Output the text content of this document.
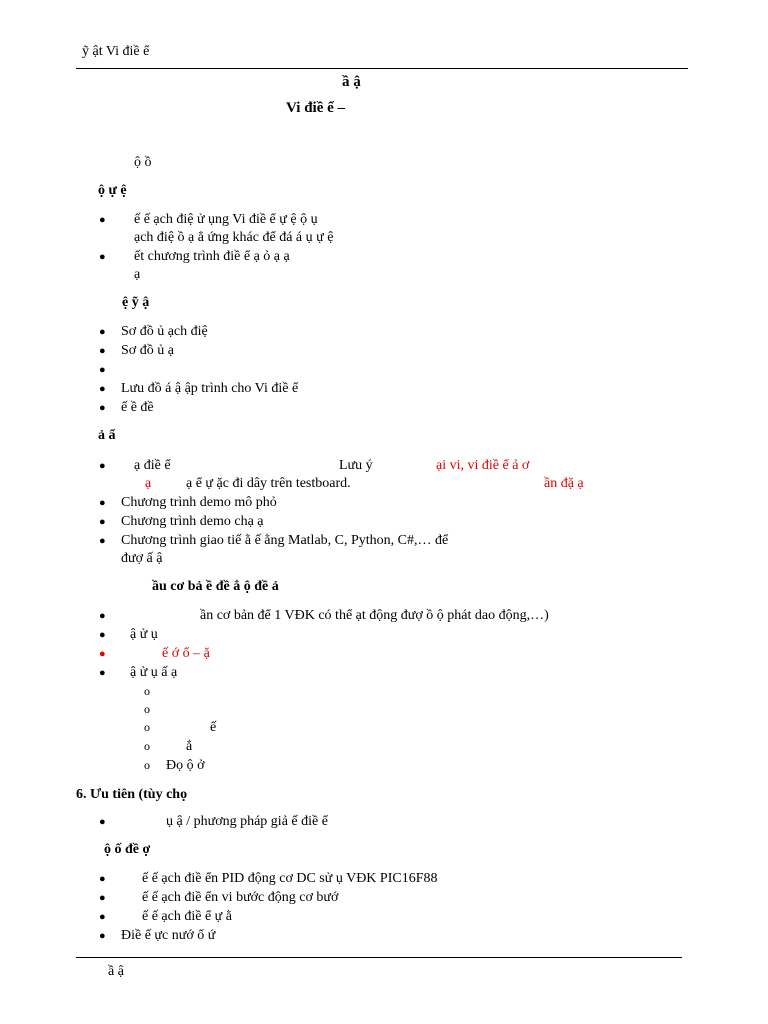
ỹ ật Vi điề ể
ầ ậ
Vi điề ể –
ộ ồ
ộ ự ệ
● ế ế ạch điệ ử ụng Vi điề ể ự ệ ộ ụ
ạch điệ ồ ạ ẳ ứng khác để đá á ụ ự ệ
● ết chương trình điề ể ạ ỏ ạ ạ
ạ
ệ ỹ ậ
● Sơ đồ ủ ạch điệ
● Sơ đồ ủ ạ
●
● Lưu đồ á ậ ập trình cho Vi điề ể
● ế ề đề
ả ẩ
● ạ điề ể	Lưu ý	ại vi, vi điề ể ả ơ
ạ ạ ể ự ặc đi dây trên testboard.	ần đặ ạ
● Chương trình demo mô phỏ
● Chương trình demo chạ ạ
● Chương trình giao tiế ằ ế ằng Matlab, C, Python, C#,… để
đượ ấ ậ
ầu cơ bả ề đề ắ ộ đề ả
●	ần cơ bản để 1 VĐK có thể ạt động đượ ồ ộ phát dao động,…)
● ậ ử ụ
●	ế ớ ổ – ặ
● ậ ử ụ ấ ạ
o
o
o	ế
o	ắ
o Đọ ộ ở
6. Ưu tiên (tùy chọ
●	ụ ậ / phương pháp giả ế điề ể
ộ ố đề ợ
●	ế ế ạch điề ển PID động cơ DC sử ụ VĐK PIC16F88
●	ế ế ạch điề ển vi bước động cơ bướ
●	ế ế ạch điề ể ự ằ
● Điề ế ực nướ ổ ứ
ầ ậ
